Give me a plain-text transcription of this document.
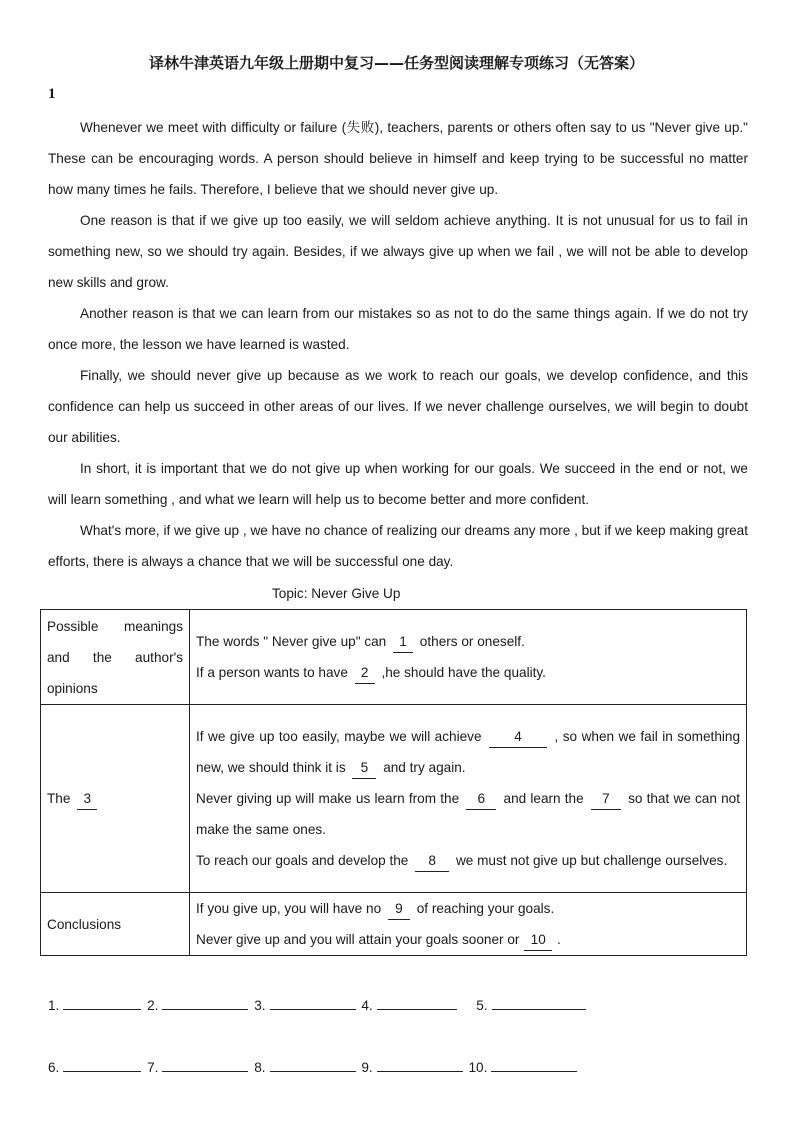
译林牛津英语九年级上册期中复习——任务型阅读理解专项练习（无答案）
1

Whenever we meet with difficulty or failure (失败), teachers, parents or others often say to us "Never give up." These can be encouraging words. A person should believe in himself and keep trying to be successful no matter how many times he fails. Therefore, I believe that we should never give up.

One reason is that if we give up too easily, we will seldom achieve anything. It is not unusual for us to fail in something new, so we should try again. Besides, if we always give up when we fail , we will not be able to develop new skills and grow.

Another reason is that we can learn from our mistakes so as not to do the same things again. If we do not try once more, the lesson we have learned is wasted.

Finally, we should never give up because as we work to reach our goals, we develop confidence, and this confidence can help us succeed in other areas of our lives. If we never challenge ourselves, we will begin to doubt our abilities.

In short, it is important that we do not give up when working for our goals. We succeed in the end or not, we will learn something , and what we learn will help us to become better and more confident.

What's more, if we give up , we have no chance of realizing our dreams any more , but if we keep making great efforts, there is always a chance that we will be successful one day.

Topic: Never Give Up
Possible meanings and the author's opinions	The words " Never give up" can 1 others or oneself.
If a person wants to have 2 ,he should have the quality.

The 3	If we give up too easily, maybe we will achieve 4 , so when we fail in something new, we should think it is 5 and try again.
Never giving up will make us learn from the 6 and learn the 7 so that we can not make the same ones.
To reach our goals and develop the 8 we must not give up but challenge ourselves.

Conclusions	If you give up, you will have no 9 of reaching your goals.
Never give up and you will attain your goals sooner or 10 .
1.	2.	3.	4.	5.
6.	7.	8.	9.	10.
